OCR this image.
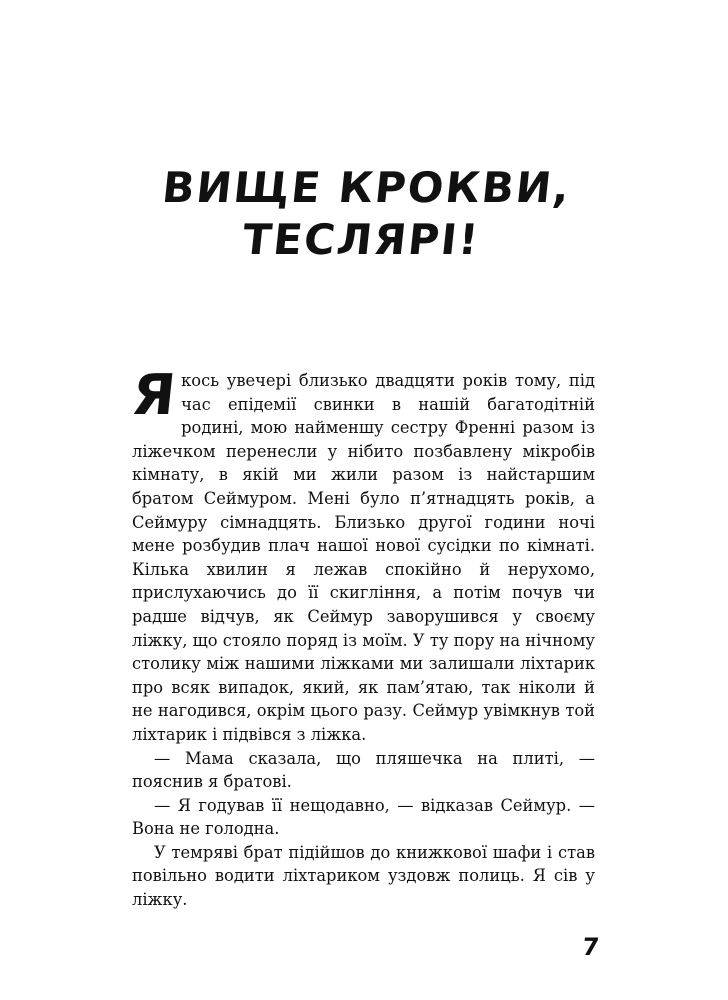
ВИЩЕ КРОКВИ,
ТЕСЛЯРІ!

Якось увечері близько двадцяти років тому, під час епідемії свинки в нашій багатодітній родині, мою найменшу сестру Френні разом із ліжечком перенесли у нібито позбавлену мікробів кімнату, в якій ми жили разом із найстаршим братом Сеймуром. Мені було п’ятнадцять років, а Сеймуру сімнадцять. Близько другої години ночі мене розбудив плач нашої нової сусідки по кімнаті. Кілька хвилин я лежав спокійно й нерухомо, прислухаючись до її скигління, а потім почув чи радше відчув, як Сеймур заворушився у своєму ліжку, що стояло поряд із моїм. У ту пору на нічному столику між нашими ліжками ми залишали ліхтарик про всяк випадок, який, як пам’ятаю, так ніколи й не нагодився, окрім цього разу. Сеймур увімкнув той ліхтарик і підвівся з ліжка.

— Мама сказала, що пляшечка на плиті, — пояснив я братові.

— Я годував її нещодавно, — відказав Сеймур. — Вона не голодна.

У темряві брат підійшов до книжкової шафи і став повільно водити ліхтариком уздовж полиць. Я сів у ліжку.

7
